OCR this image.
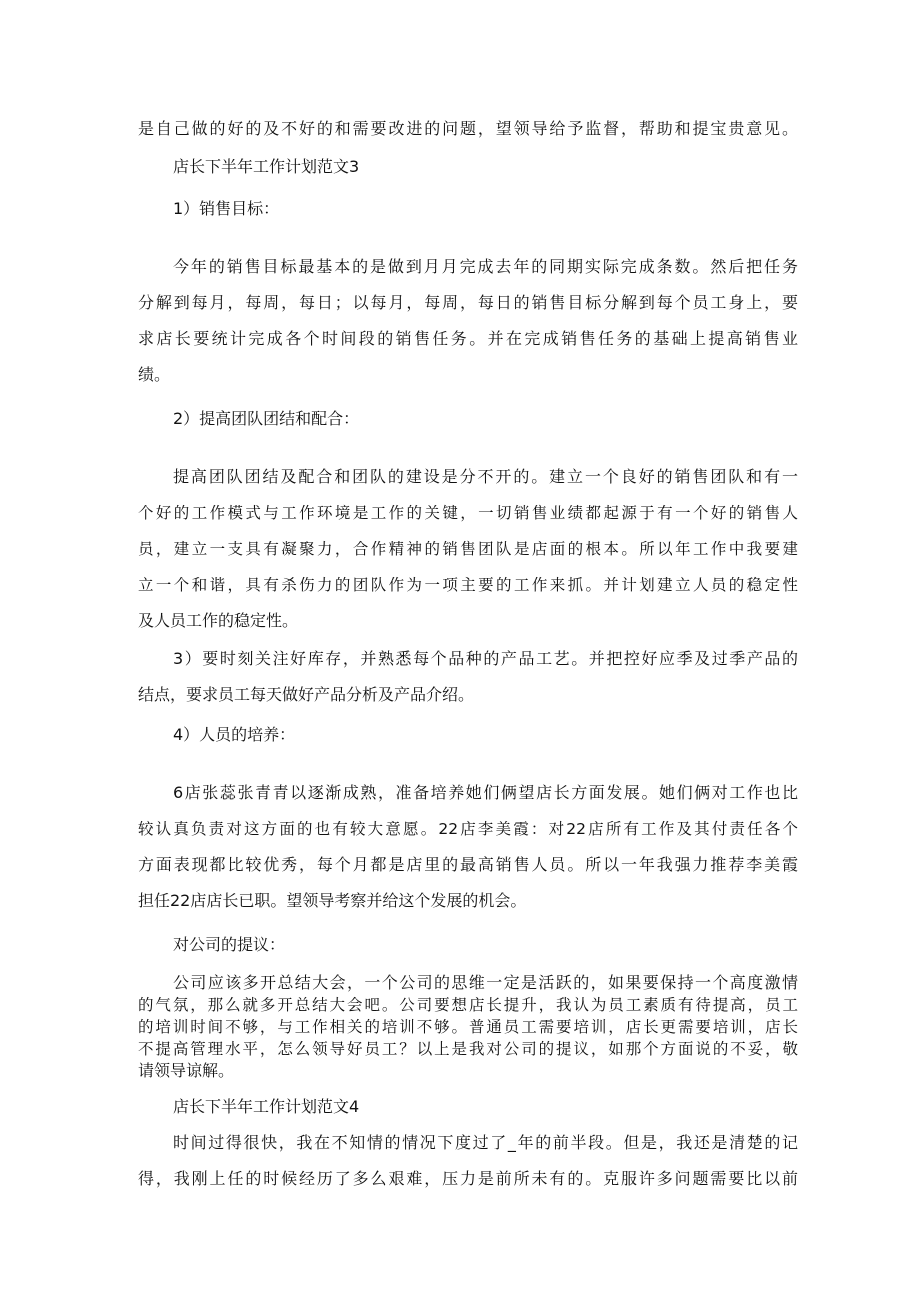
是自己做的好的及不好的和需要改进的问题，望领导给予监督，帮助和提宝贵意见。
店长下半年工作计划范文3
1）销售目标：
今年的销售目标最基本的是做到月月完成去年的同期实际完成条数。然后把任务
分解到每月，每周，每日；以每月，每周，每日的销售目标分解到每个员工身上，要
求店长要统计完成各个时间段的销售任务。并在完成销售任务的基础上提高销售业
绩。
2）提高团队团结和配合：
提高团队团结及配合和团队的建设是分不开的。建立一个良好的销售团队和有一
个好的工作模式与工作环境是工作的关键，一切销售业绩都起源于有一个好的销售人
员，建立一支具有凝聚力，合作精神的销售团队是店面的根本。所以年工作中我要建
立一个和谐，具有杀伤力的团队作为一项主要的工作来抓。并计划建立人员的稳定性
及人员工作的稳定性。
3）要时刻关注好库存，并熟悉每个品种的产品工艺。并把控好应季及过季产品的
结点，要求员工每天做好产品分析及产品介绍。
4）人员的培养：
6店张蕊张青青以逐渐成熟，准备培养她们俩望店长方面发展。她们俩对工作也比
较认真负责对这方面的也有较大意愿。22店李美霞：对22店所有工作及其付责任各个
方面表现都比较优秀，每个月都是店里的最高销售人员。所以一年我强力推荐李美霞
担任22店店长已职。望领导考察并给这个发展的机会。
对公司的提议：
公司应该多开总结大会，一个公司的思维一定是活跃的，如果要保持一个高度激情
的气氛，那么就多开总结大会吧。公司要想店长提升，我认为员工素质有待提高，员工
的培训时间不够，与工作相关的培训不够。普通员工需要培训，店长更需要培训，店长
不提高管理水平，怎么领导好员工？以上是我对公司的提议，如那个方面说的不妥，敬
请领导谅解。
店长下半年工作计划范文4
时间过得很快，我在不知情的情况下度过了_年的前半段。但是，我还是清楚的记
得，我刚上任的时候经历了多么艰难，压力是前所未有的。克服许多问题需要比以前
